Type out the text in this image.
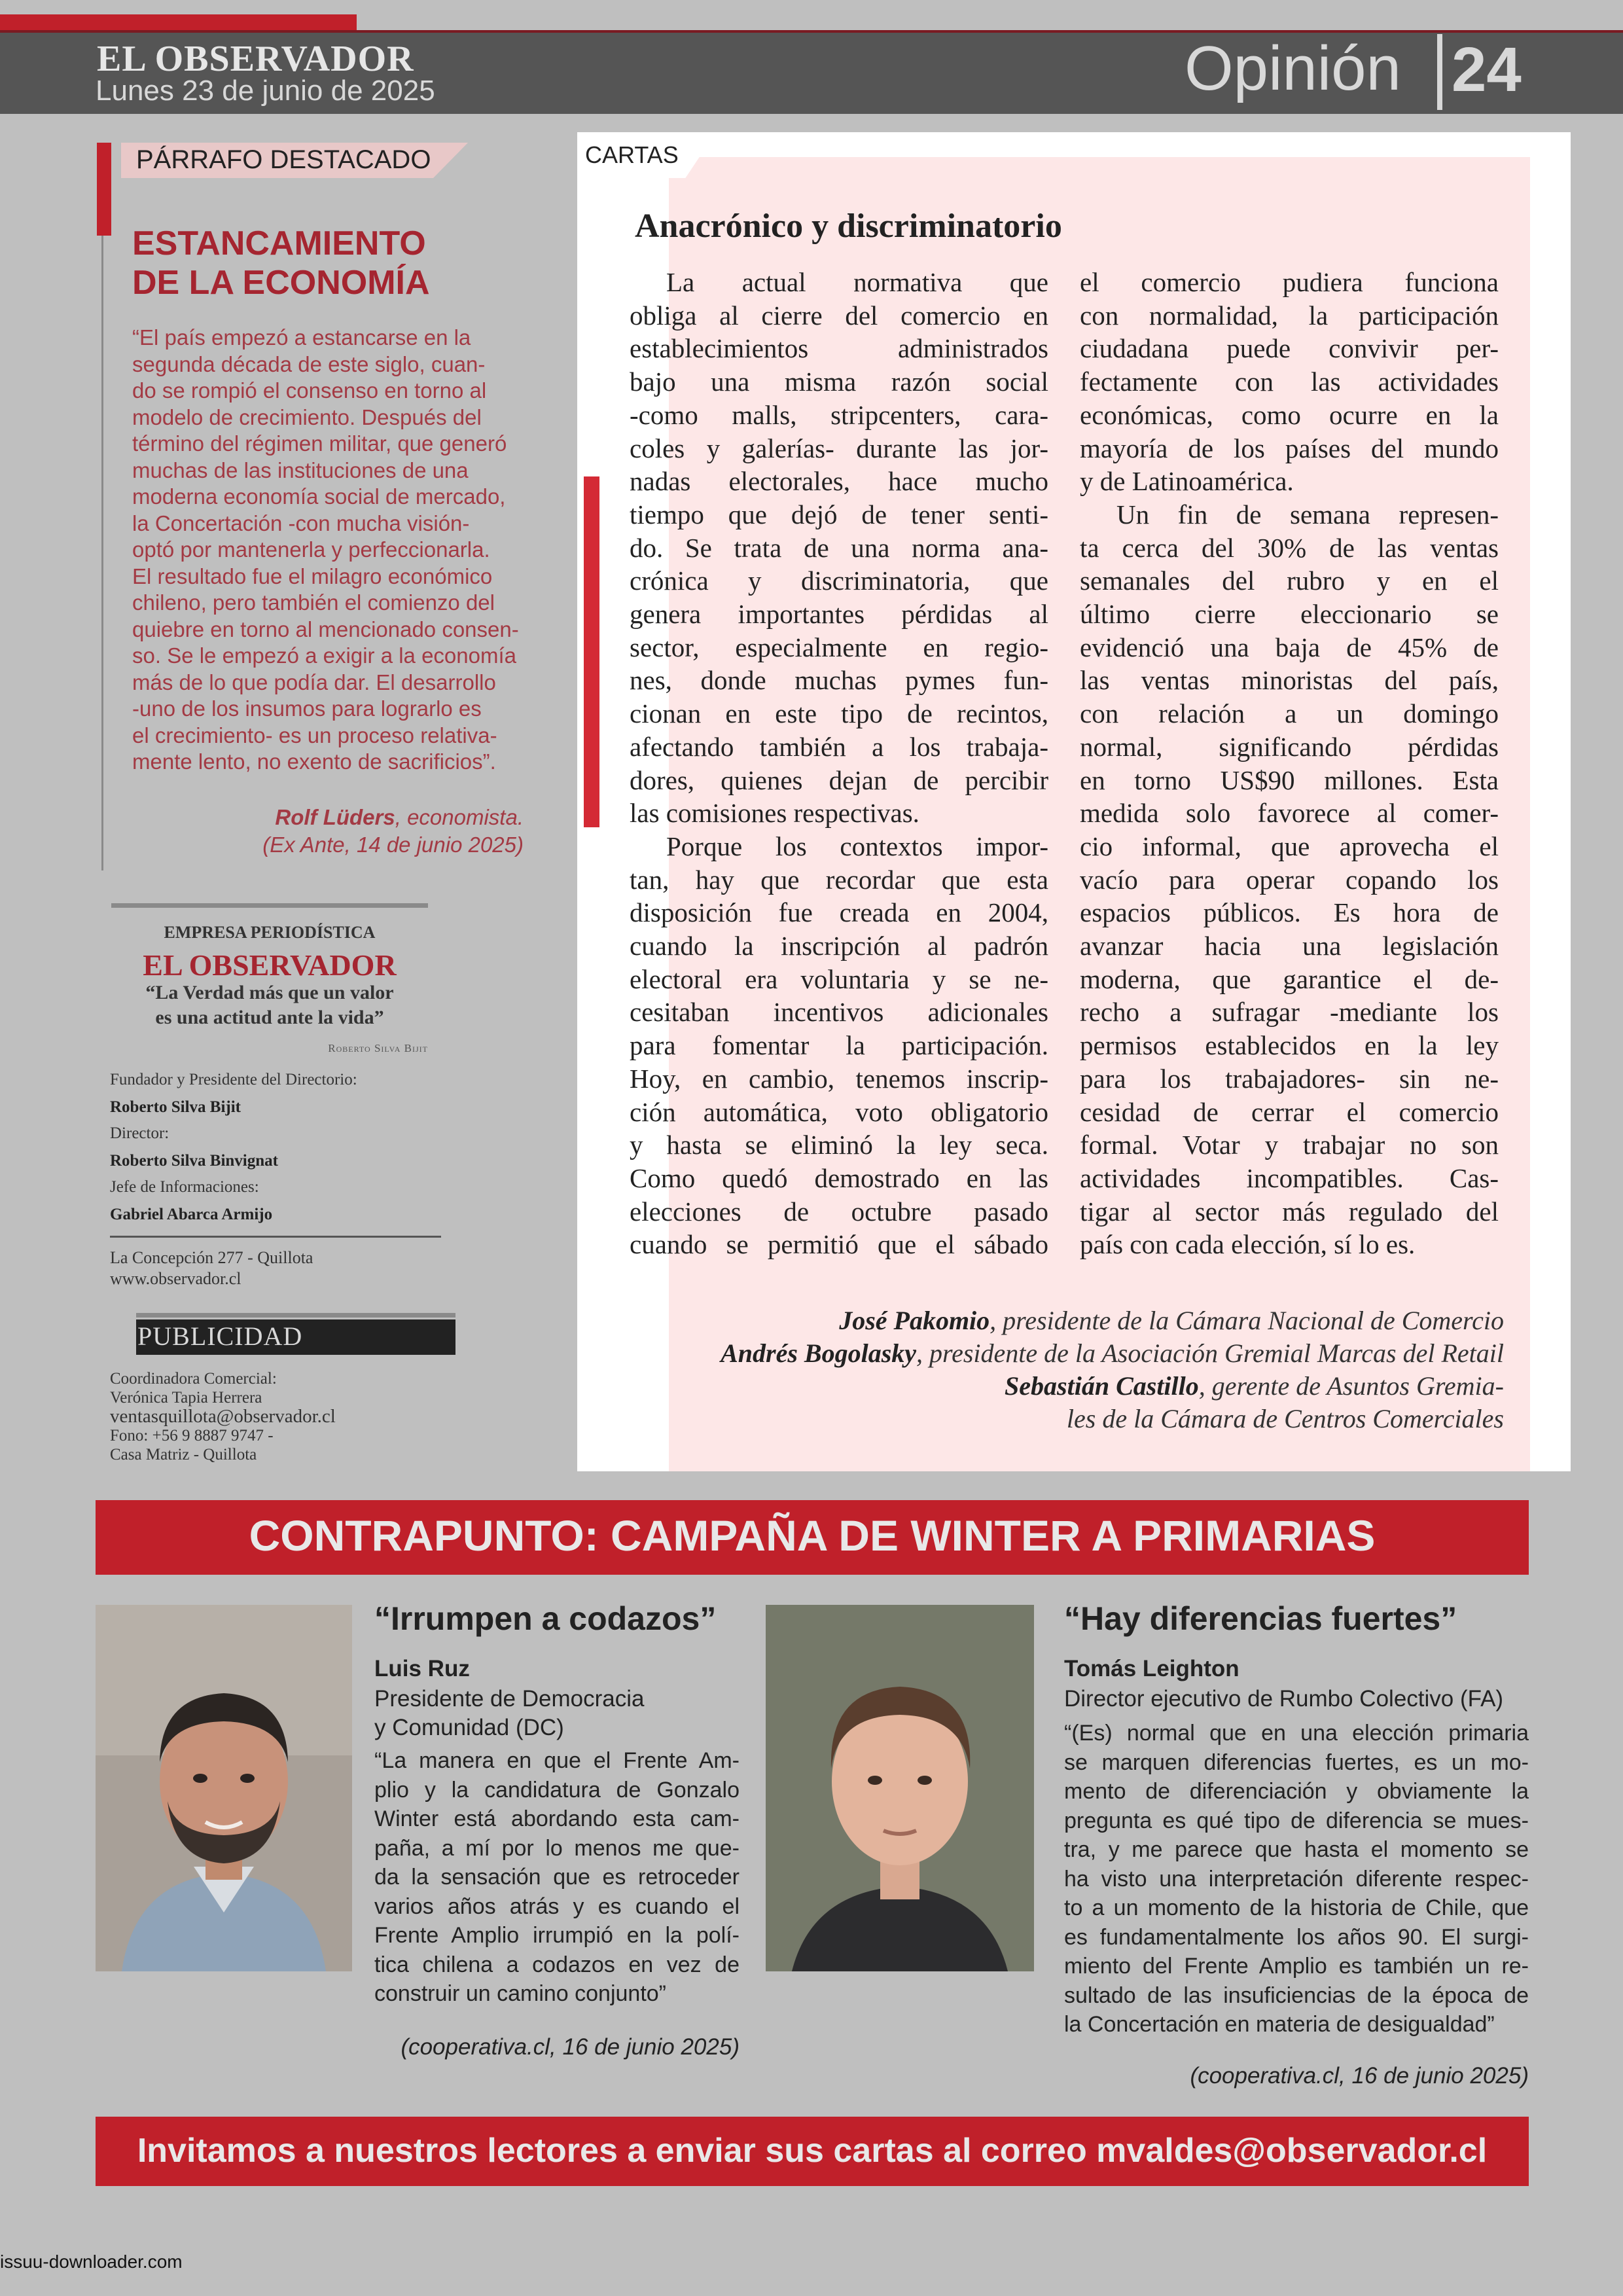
EL OBSERVADOR
Lunes 23 de junio de 2025	Opinión 24
PÁRRAFO DESTACADO
ESTANCAMIENTO
DE LA ECONOMÍA
“El país empezó a estancarse en la
segunda década de este siglo, cuan-
do se rompió el consenso en torno al
modelo de crecimiento. Después del
término del régimen militar, que generó
muchas de las instituciones de una
moderna economía social de mercado,
la Concertación -con mucha visión-
optó por mantenerla y perfeccionarla.
El resultado fue el milagro económico
chileno, pero también el comienzo del
quiebre en torno al mencionado consen-
so. Se le empezó a exigir a la economía
más de lo que podía dar. El desarrollo
-uno de los insumos para lograrlo es
el crecimiento- es un proceso relativa-
mente lento, no exento de sacrificios”.
Rolf Lüders, economista.
(Ex Ante, 14 de junio 2025)
EMPRESA PERIODÍSTICA
EL OBSERVADOR
“La Verdad más que un valor
es una actitud ante la vida”
Roberto Silva Bijit
Fundador y Presidente del Directorio:
Roberto Silva Bijit
Director:
Roberto Silva Binvignat
Jefe de Informaciones:
Gabriel Abarca Armijo
La Concepción 277 - Quillota
www.observador.cl
PUBLICIDAD
Coordinadora Comercial:
Verónica Tapia Herrera
ventasquillota@observador.cl
Fono: +56 9 8887 9747 -
Casa Matriz - Quillota
CARTAS
Anacrónico y discriminatorio
La actual normativa que
obliga al cierre del comercio en
establecimientos administrados
bajo una misma razón social
-como malls, stripcenters, cara-
coles y galerías- durante las jor-
nadas electorales, hace mucho
tiempo que dejó de tener senti-
do. Se trata de una norma ana-
crónica y discriminatoria, que
genera importantes pérdidas al
sector, especialmente en regio-
nes, donde muchas pymes fun-
cionan en este tipo de recintos,
afectando también a los trabaja-
dores, quienes dejan de percibir
las comisiones respectivas.
Porque los contextos impor-
tan, hay que recordar que esta
disposición fue creada en 2004,
cuando la inscripción al padrón
electoral era voluntaria y se ne-
cesitaban incentivos adicionales
para fomentar la participación.
Hoy, en cambio, tenemos inscrip-
ción automática, voto obligatorio
y hasta se eliminó la ley seca.
Como quedó demostrado en las
elecciones de octubre pasado
cuando se permitió que el sábado
el comercio pudiera funciona
con normalidad, la participación
ciudadana puede convivir per-
fectamente con las actividades
económicas, como ocurre en la
mayoría de los países del mundo
y de Latinoamérica.
Un fin de semana represen-
ta cerca del 30% de las ventas
semanales del rubro y en el
último cierre eleccionario se
evidenció una baja de 45% de
las ventas minoristas del país,
con relación a un domingo
normal, significando pérdidas
en torno US$90 millones. Esta
medida solo favorece al comer-
cio informal, que aprovecha el
vacío para operar copando los
espacios públicos. Es hora de
avanzar hacia una legislación
moderna, que garantice el de-
recho a sufragar -mediante los
permisos establecidos en la ley
para los trabajadores- sin ne-
cesidad de cerrar el comercio
formal. Votar y trabajar no son
actividades incompatibles. Cas-
tigar al sector más regulado del
país con cada elección, sí lo es.
José Pakomio, presidente de la Cámara Nacional de Comercio
Andrés Bogolasky, presidente de la Asociación Gremial Marcas del Retail
Sebastián Castillo, gerente de Asuntos Gremia-
les de la Cámara de Centros Comerciales
CONTRAPUNTO: CAMPAÑA DE WINTER A PRIMARIAS
“Irrumpen a codazos”
Luis Ruz
Presidente de Democracia
y Comunidad (DC)
“La manera en que el Frente Am-
plio y la candidatura de Gonzalo
Winter está abordando esta cam-
paña, a mí por lo menos me que-
da la sensación que es retroceder
varios años atrás y es cuando el
Frente Amplio irrumpió en la polí-
tica chilena a codazos en vez de
construir un camino conjunto”
(cooperativa.cl, 16 de junio 2025)
“Hay diferencias fuertes”
Tomás Leighton
Director ejecutivo de Rumbo Colectivo (FA)
“(Es) normal que en una elección primaria
se marquen diferencias fuertes, es un mo-
mento de diferenciación y obviamente la
pregunta es qué tipo de diferencia se mues-
tra, y me parece que hasta el momento se
ha visto una interpretación diferente respec-
to a un momento de la historia de Chile, que
es fundamentalmente los años 90. El surgi-
miento del Frente Amplio es también un re-
sultado de las insuficiencias de la época de
la Concertación en materia de desigualdad”
(cooperativa.cl, 16 de junio 2025)
Invitamos a nuestros lectores a enviar sus cartas al correo mvaldes@observador.cl
issuu-downloader.com
